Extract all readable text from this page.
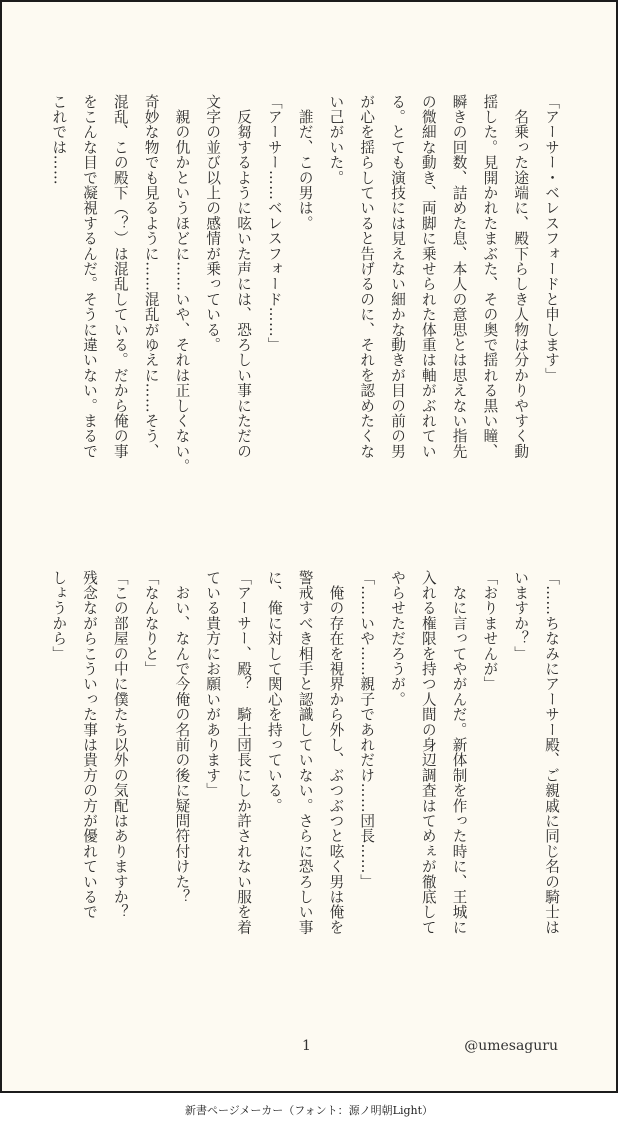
「アーサー・ベレスフォードと申します」

　名乗った途端に、殿下らしき人物は分かりやすく動

揺した。見開かれたまぶた、その奥で揺れる黒い瞳、

瞬きの回数、詰めた息、本人の意思とは思えない指先

の微細な動き、両脚に乗せられた体重は軸がぶれてい

る。とても演技には見えない細かな動きが目の前の男

が心を揺らしていると告げるのに、それを認めたくな

い己がいた。

　誰だ、この男は。

「アーサー……ベレスフォード……」

　反芻するように呟いた声には、恐ろしい事にただの

文字の並び以上の感情が乗っている。

　親の仇かというほどに……いや、それは正しくない。

奇妙な物でも見るように……混乱がゆえに……そう、

混乱、この殿下（？）は混乱している。だから俺の事

をこんな目で凝視するんだ。そうに違いない。まるで

これでは……

「……ちなみにアーサー殿、ご親戚に同じ名の騎士は

いますか？」

「おりませんが」

　なに言ってやがんだ。新体制を作った時に、王城に

入れる権限を持つ人間の身辺調査はてめぇが徹底して

やらせただろうが。

「……いや……親子であれだけ……団長……」

　俺の存在を視界から外し、ぶつぶつと呟く男は俺を

警戒すべき相手と認識していない。さらに恐ろしい事

に、俺に対して関心を持っている。

「アーサー、殿？　騎士団長にしか許されない服を着

ている貴方にお願いがあります」

　おい、なんで今俺の名前の後に疑問符付けた？

「なんなりと」

「この部屋の中に僕たち以外の気配はありますか？

残念ながらこういった事は貴方の方が優れているで

しょうから」

1	@umesaguru
新書ページメーカー（フォント：源ノ明朝Light）
